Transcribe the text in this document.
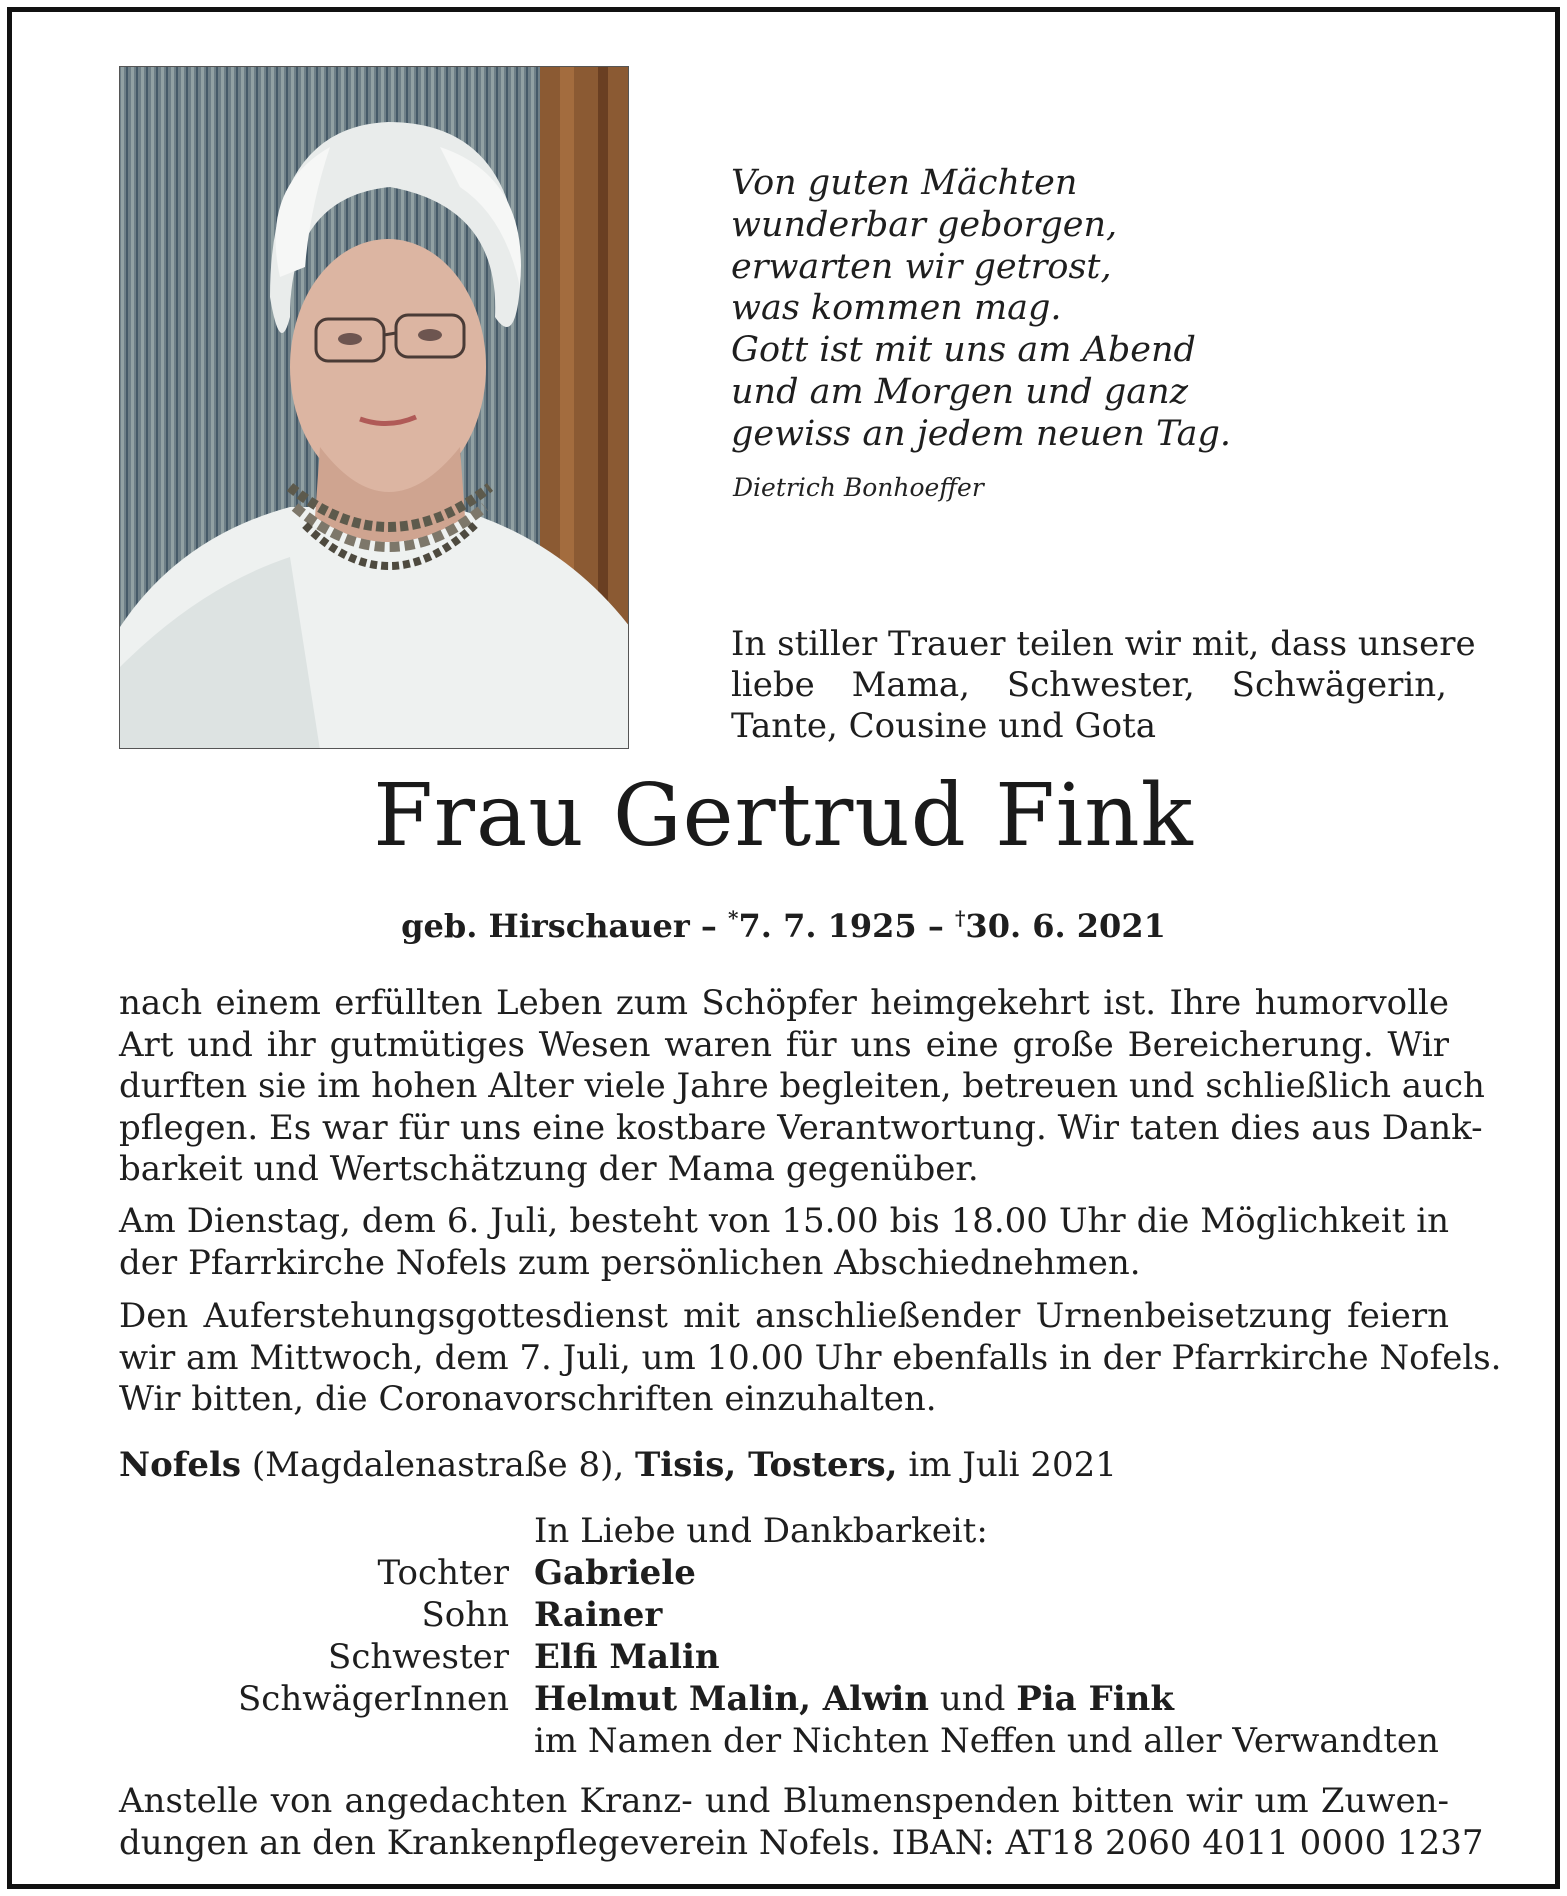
Von guten Mächten
wunderbar geborgen,
erwarten wir getrost,
was kommen mag.
Gott ist mit uns am Abend
und am Morgen und ganz
gewiss an jedem neuen Tag.
Dietrich Bonhoeffer
In stiller Trauer teilen wir mit, dass unsere
liebe Mama, Schwester, Schwägerin,
Tante, Cousine und Gota
Frau Gertrud Fink
geb. Hirschauer – *7. 7. 1925 – †30. 6. 2021
nach einem erfüllten Leben zum Schöpfer heimgekehrt ist. Ihre humorvolle
Art und ihr gutmütiges Wesen waren für uns eine große Bereicherung. Wir
durften sie im hohen Alter viele Jahre begleiten, betreuen und schließlich auch
pflegen. Es war für uns eine kostbare Verantwortung. Wir taten dies aus Dank-
barkeit und Wertschätzung der Mama gegenüber.
Am Dienstag, dem 6. Juli, besteht von 15.00 bis 18.00 Uhr die Möglichkeit in
der Pfarrkirche Nofels zum persönlichen Abschiednehmen.
Den Auferstehungsgottesdienst mit anschließender Urnenbeisetzung feiern
wir am Mittwoch, dem 7. Juli, um 10.00 Uhr ebenfalls in der Pfarrkirche Nofels.
Wir bitten, die Coronavorschriften einzuhalten.
Nofels (Magdalenastraße 8), Tisis, Tosters, im Juli 2021
In Liebe und Dankbarkeit:
Tochter Gabriele
Sohn Rainer
Schwester Elfi Malin
SchwägerInnen Helmut Malin, Alwin und Pia Fink
im Namen der Nichten Neffen und aller Verwandten
Anstelle von angedachten Kranz- und Blumenspenden bitten wir um Zuwen-
dungen an den Krankenpflegeverein Nofels. IBAN: AT18 2060 4011 0000 1237
